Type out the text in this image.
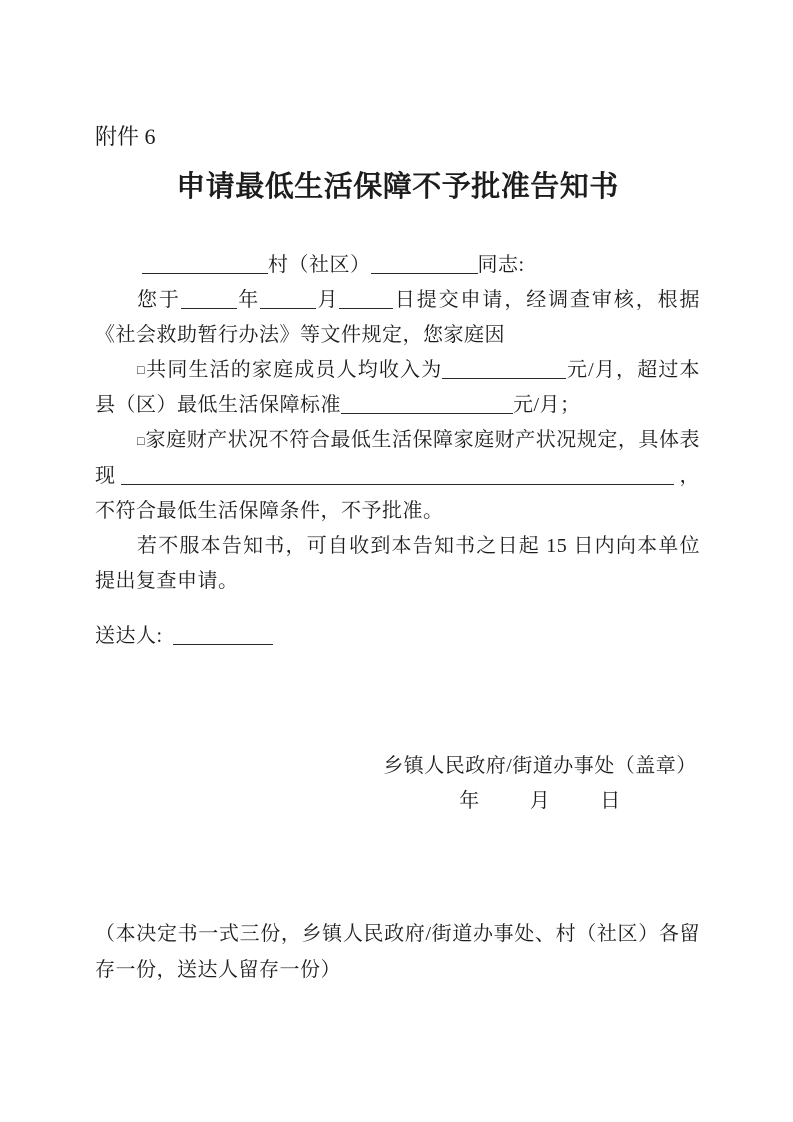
附件 6
申请最低生活保障不予批准告知书

村（社区）	同志:

您于	年	月	日提交申请，经调查审核，根据《社会救助暂行办法》等文件规定，您家庭因

□共同生活的家庭成员人均收入为	元/月，超过本县（区）最低生活保障标准	元/月；

□家庭财产状况不符合最低生活保障家庭财产状况规定，具体表现	，不符合最低生活保障条件，不予批准。

若不服本告知书，可自收到本告知书之日起 15 日内向本单位提出复查申请。

送达人:

乡镇人民政府/街道办事处（盖章）
年	月	日

（本决定书一式三份，乡镇人民政府/街道办事处、村（社区）各留存一份，送达人留存一份）
